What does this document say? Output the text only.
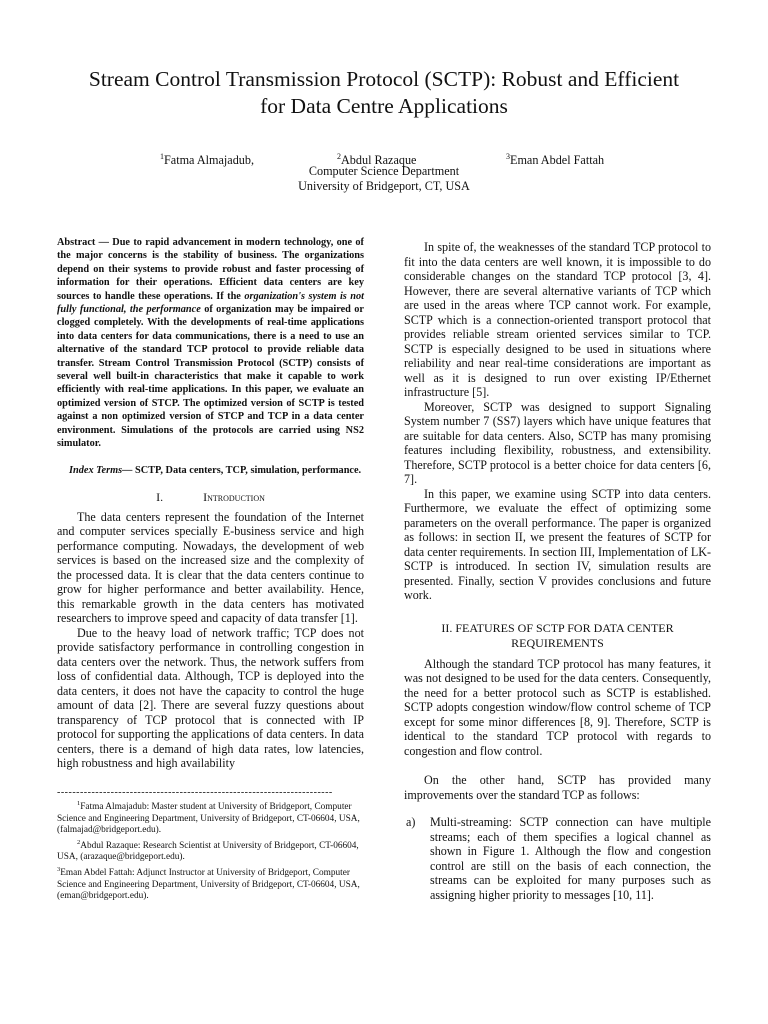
Stream Control Transmission Protocol (SCTP): Robust and Efficient
for Data Centre Applications
$^1$Fatma Almajadub,	$^2$Abdul Razaque	$^3$Eman Abdel Fattah
Computer Science Department
University of Bridgeport, CT, USA

Abstract — Due to rapid advancement in modern technology, one of the major concerns is the stability of business. The organizations depend on their systems to provide robust and faster processing of information for their operations. Efficient data centers are key sources to handle these operations. If the organization's system is not fully functional, the performance of organization may be impaired or clogged completely. With the developments of real-time applications into data centers for data communications, there is a need to use an alternative of the standard TCP protocol to provide reliable data transfer. Stream Control Transmission Protocol (SCTP) consists of several well built-in characteristics that make it capable to work efficiently with real-time applications. In this paper, we evaluate an optimized version of STCP. The optimized version of SCTP is tested against a non optimized version of STCP and TCP in a data center environment. Simulations of the protocols are carried using NS2 simulator.

Index Terms— SCTP, Data centers, TCP, simulation, performance.

I.	Introduction

The data centers represent the foundation of the Internet and computer services specially E-business service and high performance computing. Nowadays, the development of web services is based on the increased size and the complexity of the processed data. It is clear that the data centers continue to grow for higher performance and better availability. Hence, this remarkable growth in the data centers has motivated researchers to improve speed and capacity of data transfer [1].

Due to the heavy load of network traffic; TCP does not provide satisfactory performance in controlling congestion in data centers over the network. Thus, the network suffers from loss of confidential data. Although, TCP is deployed into the data centers, it does not have the capacity to control the huge amount of data [2]. There are several fuzzy questions about transparency of TCP protocol that is connected with IP protocol for supporting the applications of data centers. In data centers, there is a demand of high data rates, low latencies, high robustness and high availability

------------------------------------------------------------------------

$^1$Fatma Almajadub: Master student at University of Bridgeport, Computer Science and Engineering Department, University of Bridgeport, CT-06604, USA, (falmajad@bridgeport.edu).

$^2$Abdul Razaque: Research Scientist at University of Bridgeport, CT-06604, USA, (arazaque@bridgeport.edu).

$^3$Eman Abdel Fattah: Adjunct Instructor at University of Bridgeport, Computer Science and Engineering Department, University of Bridgeport, CT-06604, USA, (eman@bridgeport.edu).

In spite of, the weaknesses of the standard TCP protocol to fit into the data centers are well known, it is impossible to do considerable changes on the standard TCP protocol [3, 4]. However, there are several alternative variants of TCP which are used in the areas where TCP cannot work. For example, SCTP which is a connection-oriented transport protocol that provides reliable stream oriented services similar to TCP. SCTP is especially designed to be used in situations where reliability and near real-time considerations are important as well as it is designed to run over existing IP/Ethernet infrastructure [5].

Moreover, SCTP was designed to support Signaling System number 7 (SS7) layers which have unique features that are suitable for data centers. Also, SCTP has many promising features including flexibility, robustness, and extensibility. Therefore, SCTP protocol is a better choice for data centers [6, 7].

In this paper, we examine using SCTP into data centers. Furthermore, we evaluate the effect of optimizing some parameters on the overall performance. The paper is organized as follows: in section II, we present the features of SCTP for data center requirements. In section III, Implementation of LK-SCTP is introduced. In section IV, simulation results are presented. Finally, section V provides conclusions and future work.

II. FEATURES OF SCTP FOR DATA CENTER
REQUIREMENTS

Although the standard TCP protocol has many features, it was not designed to be used for the data centers. Consequently, the need for a better protocol such as SCTP is established. SCTP adopts congestion window/flow control scheme of TCP except for some minor differences [8, 9]. Therefore, SCTP is identical to the standard TCP protocol with regards to congestion and flow control.

On the other hand, SCTP has provided many improvements over the standard TCP as follows:

a)	Multi-streaming: SCTP connection can have multiple streams; each of them specifies a logical channel as shown in Figure 1. Although the flow and congestion control are still on the basis of each connection, the streams can be exploited for many purposes such as assigning higher priority to messages [10, 11].
